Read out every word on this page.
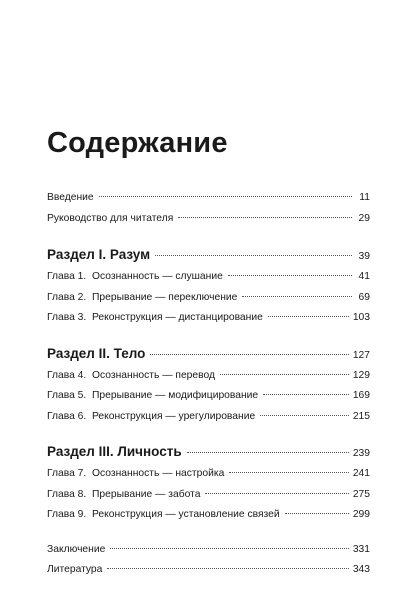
Содержание
Введение	11
Руководство для читателя	29
Раздел I. Разум	39
Глава 1. Осознанность — слушание	41
Глава 2. Прерывание — переключение	69
Глава 3. Реконструкция — дистанцирование	103
Раздел II. Тело	127
Глава 4. Осознанность — перевод	129
Глава 5. Прерывание — модифицирование	169
Глава 6. Реконструкция — урегулирование	215
Раздел III. Личность	239
Глава 7. Осознанность — настройка	241
Глава 8. Прерывание — забота	275
Глава 9. Реконструкция — установление связей	299
Заключение	331
Литература	343
